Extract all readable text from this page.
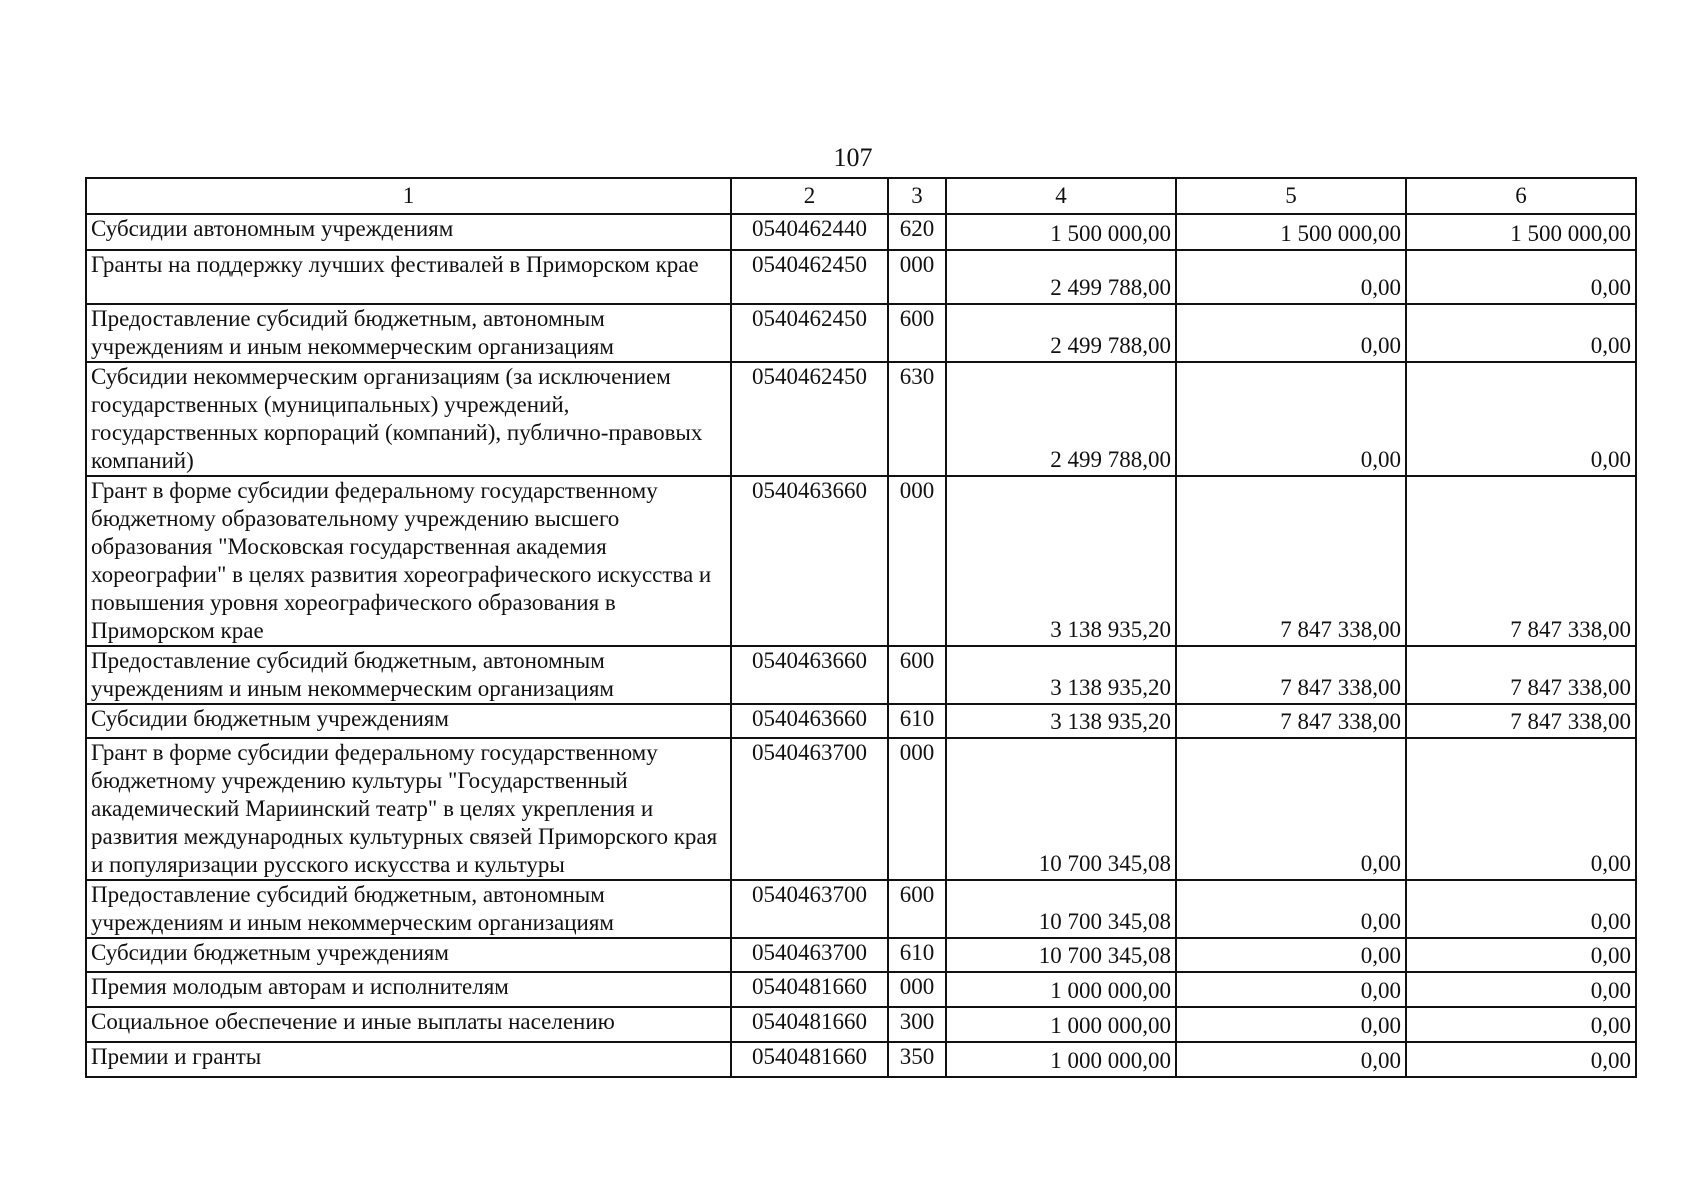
107
1	2	3	4	5	6
Субсидии автономным учреждениям	0540462440	620	1 500 000,00	1 500 000,00	1 500 000,00
Гранты на поддержку лучших фестивалей в Приморском крае	0540462450	000	2 499 788,00	0,00	0,00
Предоставление субсидий бюджетным, автономным учреждениям и иным некоммерческим организациям	0540462450	600	2 499 788,00	0,00	0,00
Субсидии некоммерческим организациям (за исключением государственных (муниципальных) учреждений, государственных корпораций (компаний), публично-правовых компаний)	0540462450	630	2 499 788,00	0,00	0,00
Грант в форме субсидии федеральному государственному бюджетному образовательному учреждению высшего образования "Московская государственная академия хореографии" в целях развития хореографического искусства и повышения уровня хореографического образования в Приморском крае	0540463660	000	3 138 935,20	7 847 338,00	7 847 338,00
Предоставление субсидий бюджетным, автономным учреждениям и иным некоммерческим организациям	0540463660	600	3 138 935,20	7 847 338,00	7 847 338,00
Субсидии бюджетным учреждениям	0540463660	610	3 138 935,20	7 847 338,00	7 847 338,00
Грант в форме субсидии федеральному государственному бюджетному учреждению культуры "Государственный академический Мариинский театр" в целях укрепления и развития международных культурных связей Приморского края и популяризации русского искусства и культуры	0540463700	000	10 700 345,08	0,00	0,00
Предоставление субсидий бюджетным, автономным учреждениям и иным некоммерческим организациям	0540463700	600	10 700 345,08	0,00	0,00
Субсидии бюджетным учреждениям	0540463700	610	10 700 345,08	0,00	0,00
Премия молодым авторам и исполнителям	0540481660	000	1 000 000,00	0,00	0,00
Социальное обеспечение и иные выплаты населению	0540481660	300	1 000 000,00	0,00	0,00
Премии и гранты	0540481660	350	1 000 000,00	0,00	0,00
